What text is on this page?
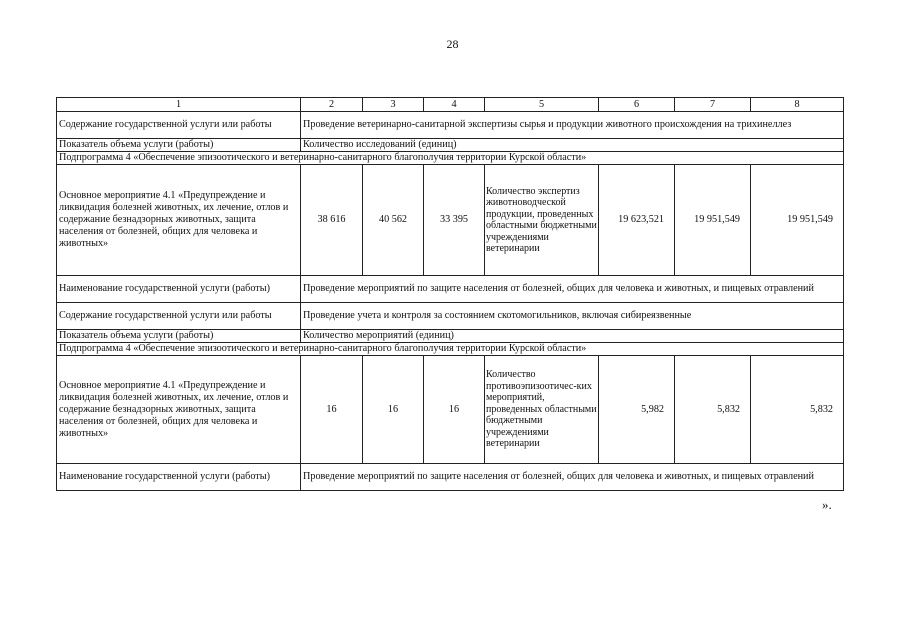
28
1	2	3	4	5	6	7	8
Содержание государственной услуги или работы	Проведение ветеринарно-санитарной экспертизы сырья и продукции животного происхождения на трихинеллез						
Показатель объема услуги (работы)	Количество исследований (единиц)						
Подпрограмма 4 «Обеспечение эпизоотического и ветеринарно-санитарного благополучия территории Курской области»							
Основное мероприятие 4.1 «Предупреждение и ликвидация болезней животных, их лечение, отлов и содержание безнадзорных животных, защита населения от болезней, общих для человека и животных»	38 616	40 562	33 395	Количество экспертиз животноводческой продукции, проведенных областными бюджетными учреждениями ветеринарии	19 623,521	19 951,549	19 951,549
Наименование государственной услуги (работы)	Проведение мероприятий по защите населения от болезней, общих для человека и животных, и пищевых отравлений						
Содержание государственной услуги или работы	Проведение учета и контроля за состоянием скотомогильников, включая сибиреязвенные						
Показатель объема услуги (работы)	Количество мероприятий (единиц)						
Подпрограмма 4 «Обеспечение эпизоотического и ветеринарно-санитарного благополучия территории Курской области»							
Основное мероприятие 4.1 «Предупреждение и ликвидация болезней животных, их лечение, отлов и содержание безнадзорных животных, защита населения от болезней, общих для человека и животных»	16	16	16	Количество противоэпизоотичес-ких мероприятий, проведенных областными бюджетными учреждениями ветеринарии	5,982	5,832	5,832
Наименование государственной услуги (работы)	Проведение мероприятий по защите населения от болезней, общих для человека и животных, и пищевых отравлений						
».
